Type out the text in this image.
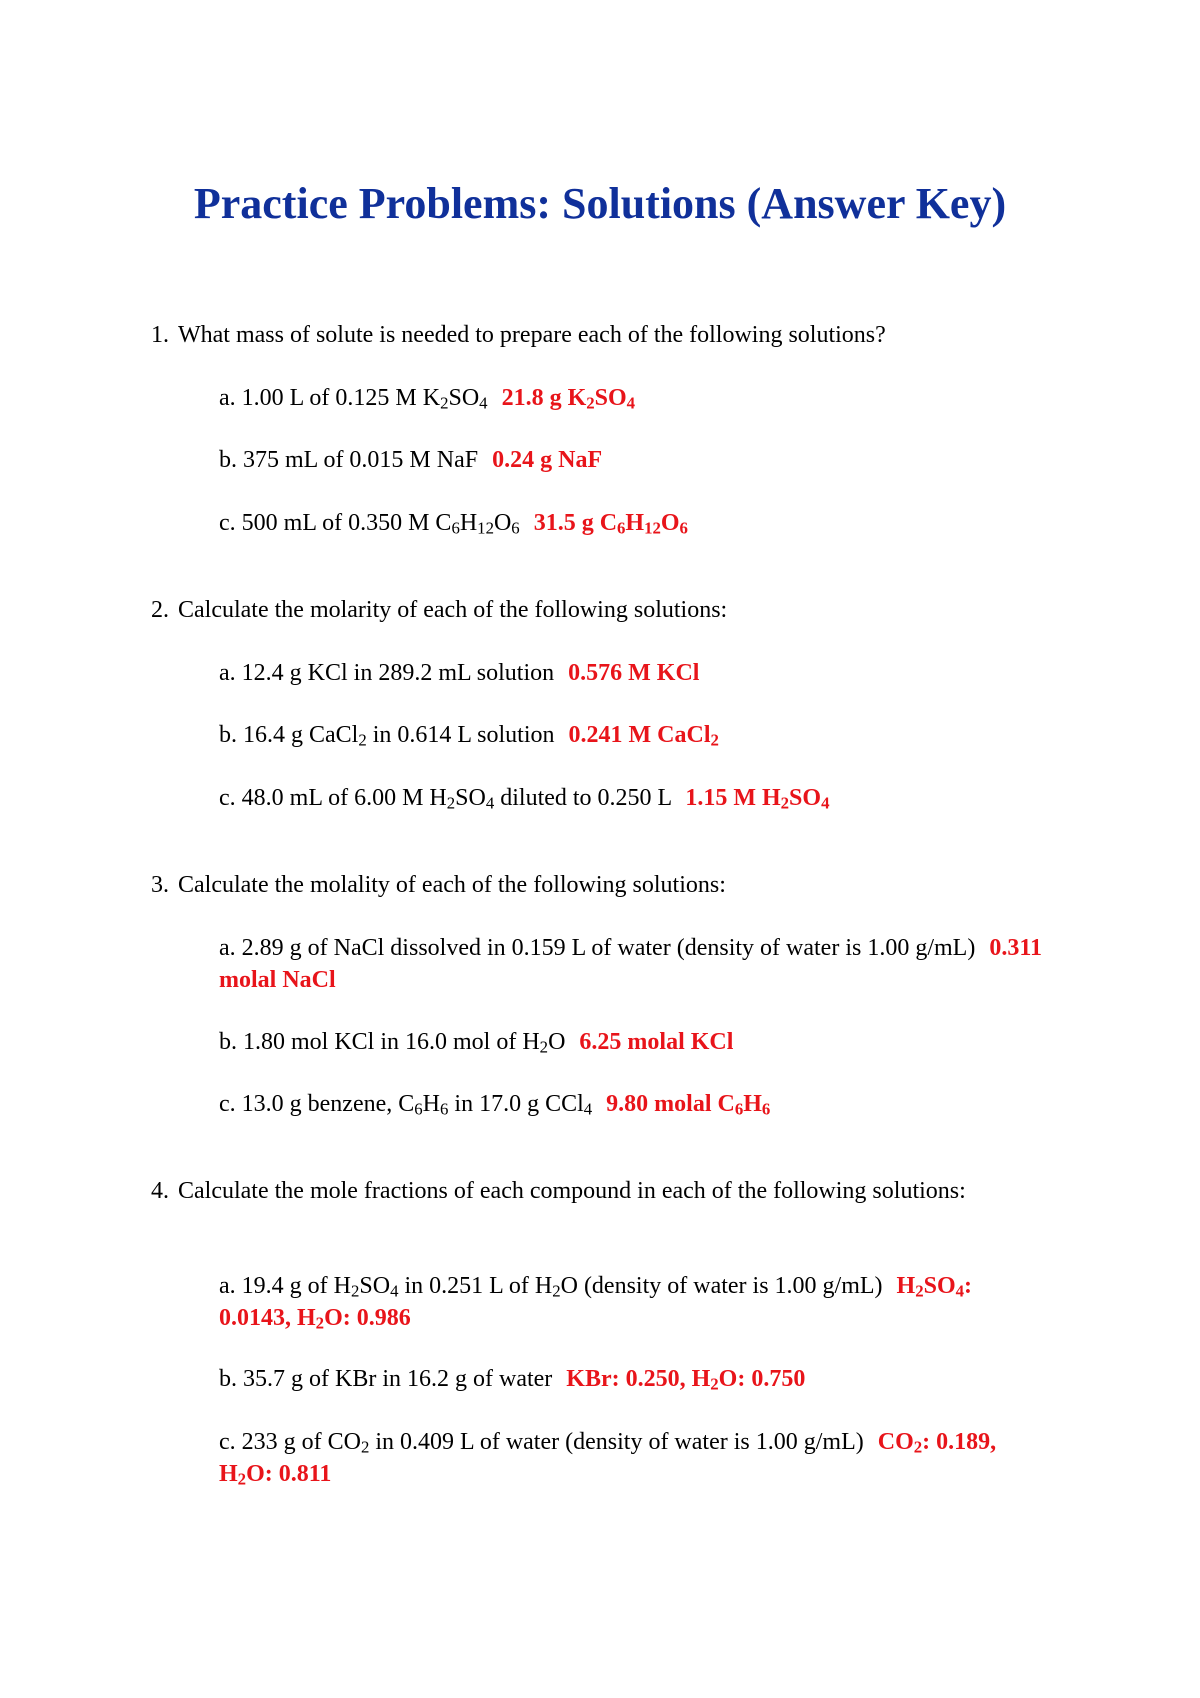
Practice Problems: Solutions (Answer Key)
1. What mass of solute is needed to prepare each of the following solutions?
a. 1.00 L of 0.125 M $K_2SO_4$ 21.8 g $K_2SO_4$
b. 375 mL of 0.015 M NaF 0.24 g NaF
c. 500 mL of 0.350 M $C_6H_{12}O_6$ 31.5 g $C_6H_{12}O_6$
2. Calculate the molarity of each of the following solutions:
a. 12.4 g KCl in 289.2 mL solution 0.576 M KCl
b. 16.4 g CaCl$_2$ in 0.614 L solution 0.241 M CaCl$_2$
c. 48.0 mL of 6.00 M $H_2SO_4$ diluted to 0.250 L 1.15 M $H_2SO_4$
3. Calculate the molality of each of the following solutions:
a. 2.89 g of NaCl dissolved in 0.159 L of water (density of water is 1.00 g/mL) 0.311 molal NaCl
b. 1.80 mol KCl in 16.0 mol of $H_2O$ 6.25 molal KCl
c. 13.0 g benzene, $C_6H_6$ in 17.0 g CCl$_4$ 9.80 molal $C_6H_6$
4. Calculate the mole fractions of each compound in each of the following solutions:
a. 19.4 g of $H_2SO_4$ in 0.251 L of $H_2O$ (density of water is 1.00 g/mL) $H_2SO_4$: 0.0143, $H_2O$: 0.986
b. 35.7 g of KBr in 16.2 g of water KBr: 0.250, $H_2O$: 0.750
c. 233 g of $CO_2$ in 0.409 L of water (density of water is 1.00 g/mL) $CO_2$: 0.189, $H_2O$: 0.811
